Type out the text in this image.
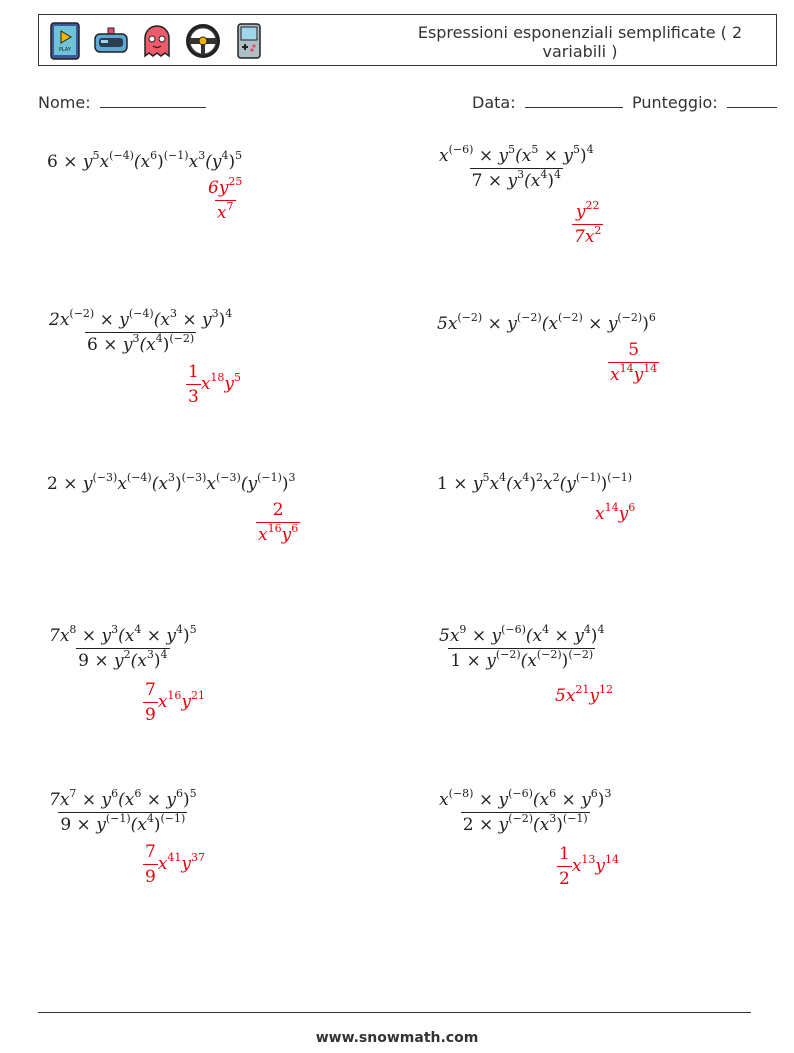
PLAY
Espressioni esponenziali semplificate ( 2 variabili )
Nome:	Data:	Punteggio:
$6 \times y^5x^{(-4)}(x^6)^{(-1)}x^3(y^4)^5$
$\frac{6y^{25}}{x^7}$
$\frac{x^{(-6)} \times y^5(x^5 \times y^5)^4}{7 \times y^3(x^4)^4}$
$\frac{y^{22}}{7x^2}$
$\frac{2x^{(-2)} \times y^{(-4)}(x^3 \times y^3)^4}{6 \times y^3(x^4)^{(-2)}}$
$\frac{1}{3} x^{18}y^5$
$5x^{(-2)} \times y^{(-2)}(x^{(-2)} \times y^{(-2)})^6$
$\frac{5}{x^{14}y^{14}}$
$2 \times y^{(-3)}x^{(-4)}(x^3)^{(-3)}x^{(-3)}(y^{(-1)})^3$
$\frac{2}{x^{16}y^6}$
$1 \times y^5x^4(x^4)^2x^2(y^{(-1)})^{(-1)}$
$x^{14}y^6$
$\frac{7x^8 \times y^3(x^4 \times y^4)^5}{9 \times y^2(x^3)^4}$
$\frac{7}{9} x^{16}y^{21}$
$\frac{5x^9 \times y^{(-6)}(x^4 \times y^4)^4}{1 \times y^{(-2)}(x^{(-2)})^{(-2)}}$
$5x^{21}y^{12}$
$\frac{7x^7 \times y^6(x^6 \times y^6)^5}{9 \times y^{(-1)}(x^4)^{(-1)}}$
$\frac{7}{9} x^{41}y^{37}$
$\frac{x^{(-8)} \times y^{(-6)}(x^6 \times y^6)^3}{2 \times y^{(-2)}(x^3)^{(-1)}}$
$\frac{1}{2} x^{13}y^{14}$
www.snowmath.com
